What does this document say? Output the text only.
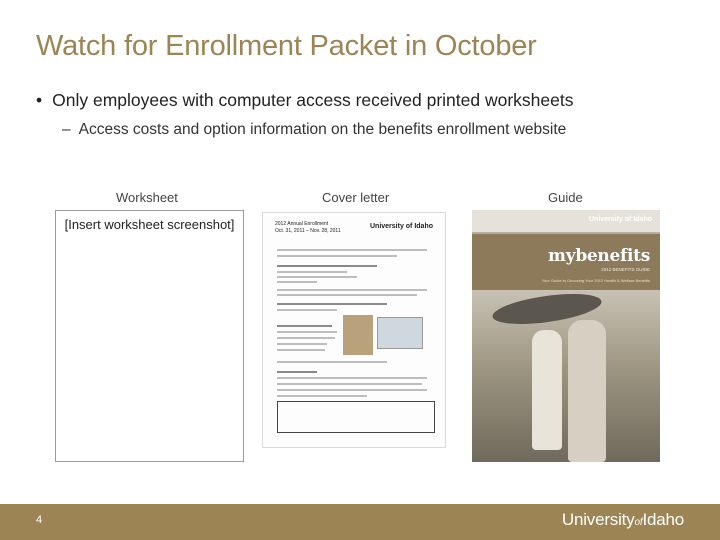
Watch for Enrollment Packet in October
• Only employees with computer access received printed worksheets
– Access costs and option information on the benefits enrollment website
Worksheet	Cover letter	Guide
[Insert worksheet screenshot]	2012 Annual Enrollment
Oct. 31, 2011 – Nov. 28, 2011
University of Idaho
University of Idaho
mybenefits
2012 BENEFITS GUIDE
Your Guide to Choosing Your 2012 Health & Welfare Benefits
4	UniversityofIdaho
